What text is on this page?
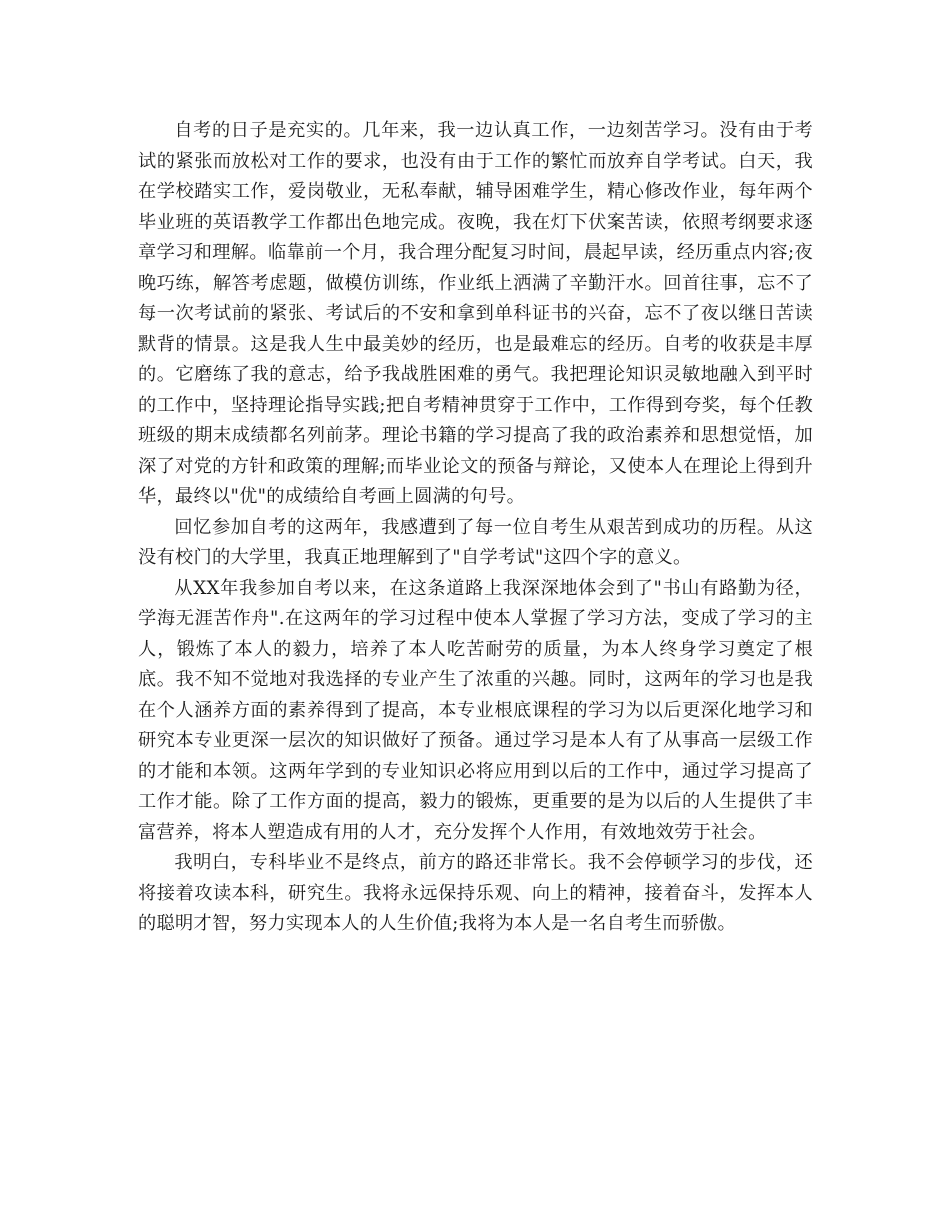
自考的日子是充实的。几年来，我一边认真工作，一边刻苦学习。没有由于考试的紧张而放松对工作的要求，也没有由于工作的繁忙而放弃自学考试。白天，我在学校踏实工作，爱岗敬业，无私奉献，辅导困难学生，精心修改作业，每年两个毕业班的英语教学工作都出色地完成。夜晚，我在灯下伏案苦读，依照考纲要求逐章学习和理解。临靠前一个月，我合理分配复习时间，晨起早读，经历重点内容;夜晚巧练，解答考虑题，做模仿训练，作业纸上洒满了辛勤汗水。回首往事，忘不了每一次考试前的紧张、考试后的不安和拿到单科证书的兴奋，忘不了夜以继日苦读默背的情景。这是我人生中最美妙的经历，也是最难忘的经历。自考的收获是丰厚的。它磨练了我的意志，给予我战胜困难的勇气。我把理论知识灵敏地融入到平时的工作中，坚持理论指导实践;把自考精神贯穿于工作中，工作得到夸奖，每个任教班级的期末成绩都名列前茅。理论书籍的学习提高了我的政治素养和思想觉悟，加深了对党的方针和政策的理解;而毕业论文的预备与辩论，又使本人在理论上得到升华，最终以"优"的成绩给自考画上圆满的句号。

回忆参加自考的这两年，我感遭到了每一位自考生从艰苦到成功的历程。从这没有校门的大学里，我真正地理解到了"自学考试"这四个字的意义。

从XX年我参加自考以来，在这条道路上我深深地体会到了"书山有路勤为径，学海无涯苦作舟".在这两年的学习过程中使本人掌握了学习方法，变成了学习的主人，锻炼了本人的毅力，培养了本人吃苦耐劳的质量，为本人终身学习奠定了根底。我不知不觉地对我选择的专业产生了浓重的兴趣。同时，这两年的学习也是我在个人涵养方面的素养得到了提高，本专业根底课程的学习为以后更深化地学习和研究本专业更深一层次的知识做好了预备。通过学习是本人有了从事高一层级工作的才能和本领。这两年学到的专业知识必将应用到以后的工作中，通过学习提高了工作才能。除了工作方面的提高，毅力的锻炼，更重要的是为以后的人生提供了丰富营养，将本人塑造成有用的人才，充分发挥个人作用，有效地效劳于社会。

我明白，专科毕业不是终点，前方的路还非常长。我不会停顿学习的步伐，还将接着攻读本科，研究生。我将永远保持乐观、向上的精神，接着奋斗，发挥本人的聪明才智，努力实现本人的人生价值;我将为本人是一名自考生而骄傲。
